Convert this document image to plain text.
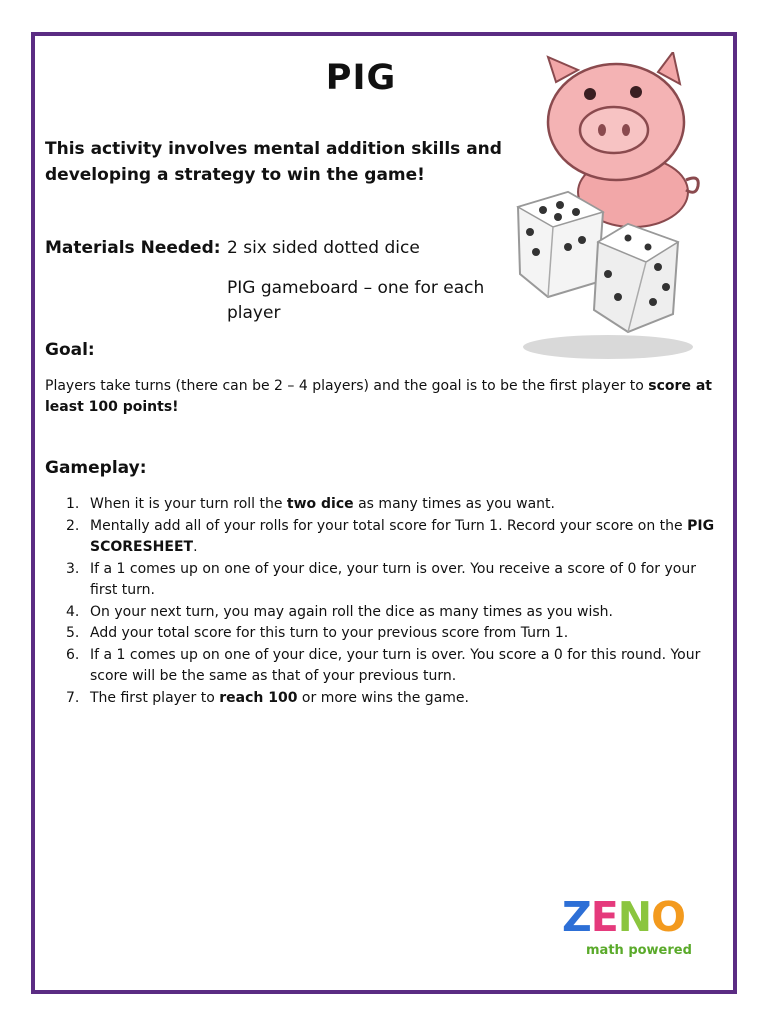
PIG
This activity involves mental addition skills and developing a strategy to win the game!
Materials Needed: 2 six sided dotted dice
PIG gameboard – one for each player
Goal:
Players take turns (there can be 2 – 4 players) and the goal is to be the first player to score at least 100 points!
Gameplay:
1. When it is your turn roll the two dice as many times as you want.
2. Mentally add all of your rolls for your total score for Turn 1. Record your score on the PIG SCORESHEET.
3. If a 1 comes up on one of your dice, your turn is over. You receive a score of 0 for your first turn.
4. On your next turn, you may again roll the dice as many times as you wish.
5. Add your total score for this turn to your previous score from Turn 1.
6. If a 1 comes up on one of your dice, your turn is over. You score a 0 for this round. Your score will be the same as that of your previous turn.
7. The first player to reach 100 or more wins the game.
ZENO
math powered
